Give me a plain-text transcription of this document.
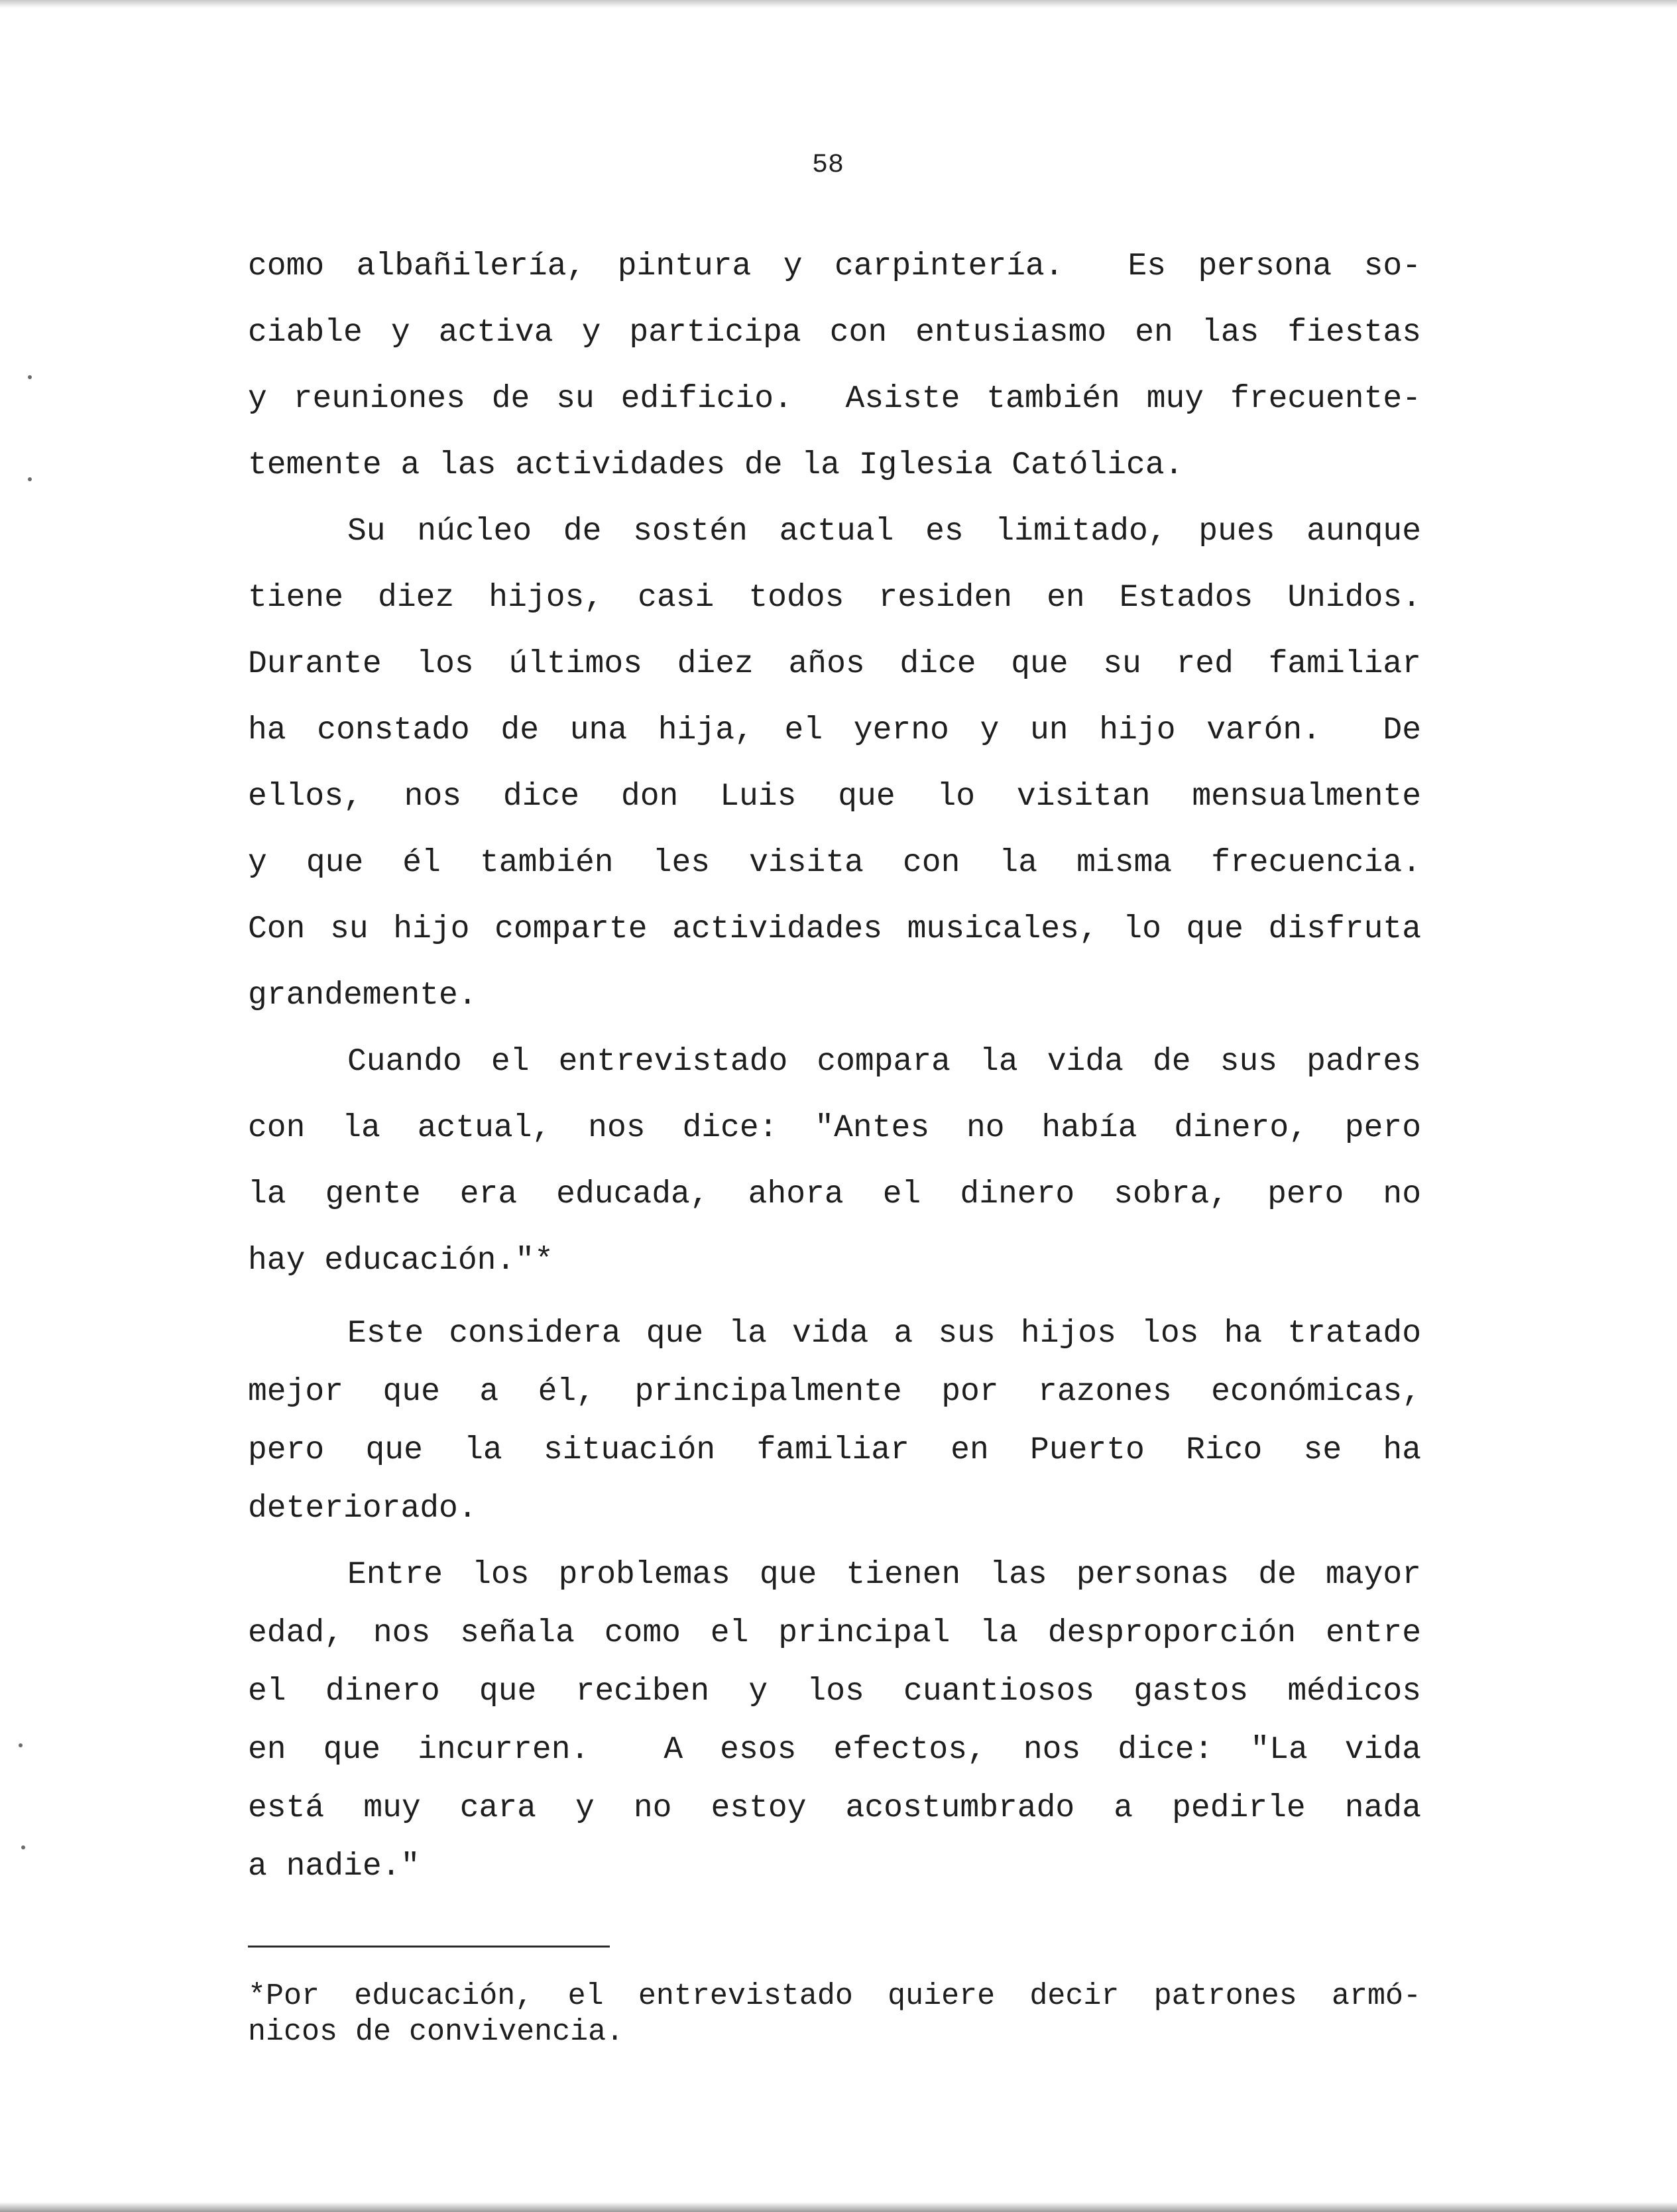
58
como albañilería, pintura y carpintería.  Es persona so-
ciable y activa y participa con entusiasmo en las fiestas
y reuniones de su edificio.  Asiste también muy frecuente-
temente a las actividades de la Iglesia Católica.
Su núcleo de sostén actual es limitado, pues aunque
tiene diez hijos, casi todos residen en Estados Unidos.
Durante los últimos diez años dice que su red familiar
ha constado de una hija, el yerno y un hijo varón.  De
ellos, nos dice don Luis que lo visitan mensualmente
y que él también les visita con la misma frecuencia.
Con su hijo comparte actividades musicales, lo que disfruta
grandemente.
Cuando el entrevistado compara la vida de sus padres
con la actual, nos dice: "Antes no había dinero, pero
la gente era educada, ahora el dinero sobra, pero no
hay educación."*
Este considera que la vida a sus hijos los ha tratado
mejor que a él, principalmente por razones económicas,
pero que la situación familiar en Puerto Rico se ha
deteriorado.
Entre los problemas que tienen las personas de mayor
edad, nos señala como el principal la desproporción entre
el dinero que reciben y los cuantiosos gastos médicos
en que incurren.  A esos efectos, nos dice: "La vida
está muy cara y no estoy acostumbrado a pedirle nada
a nadie."
*Por educación, el entrevistado quiere decir patrones armó-
nicos de convivencia.
